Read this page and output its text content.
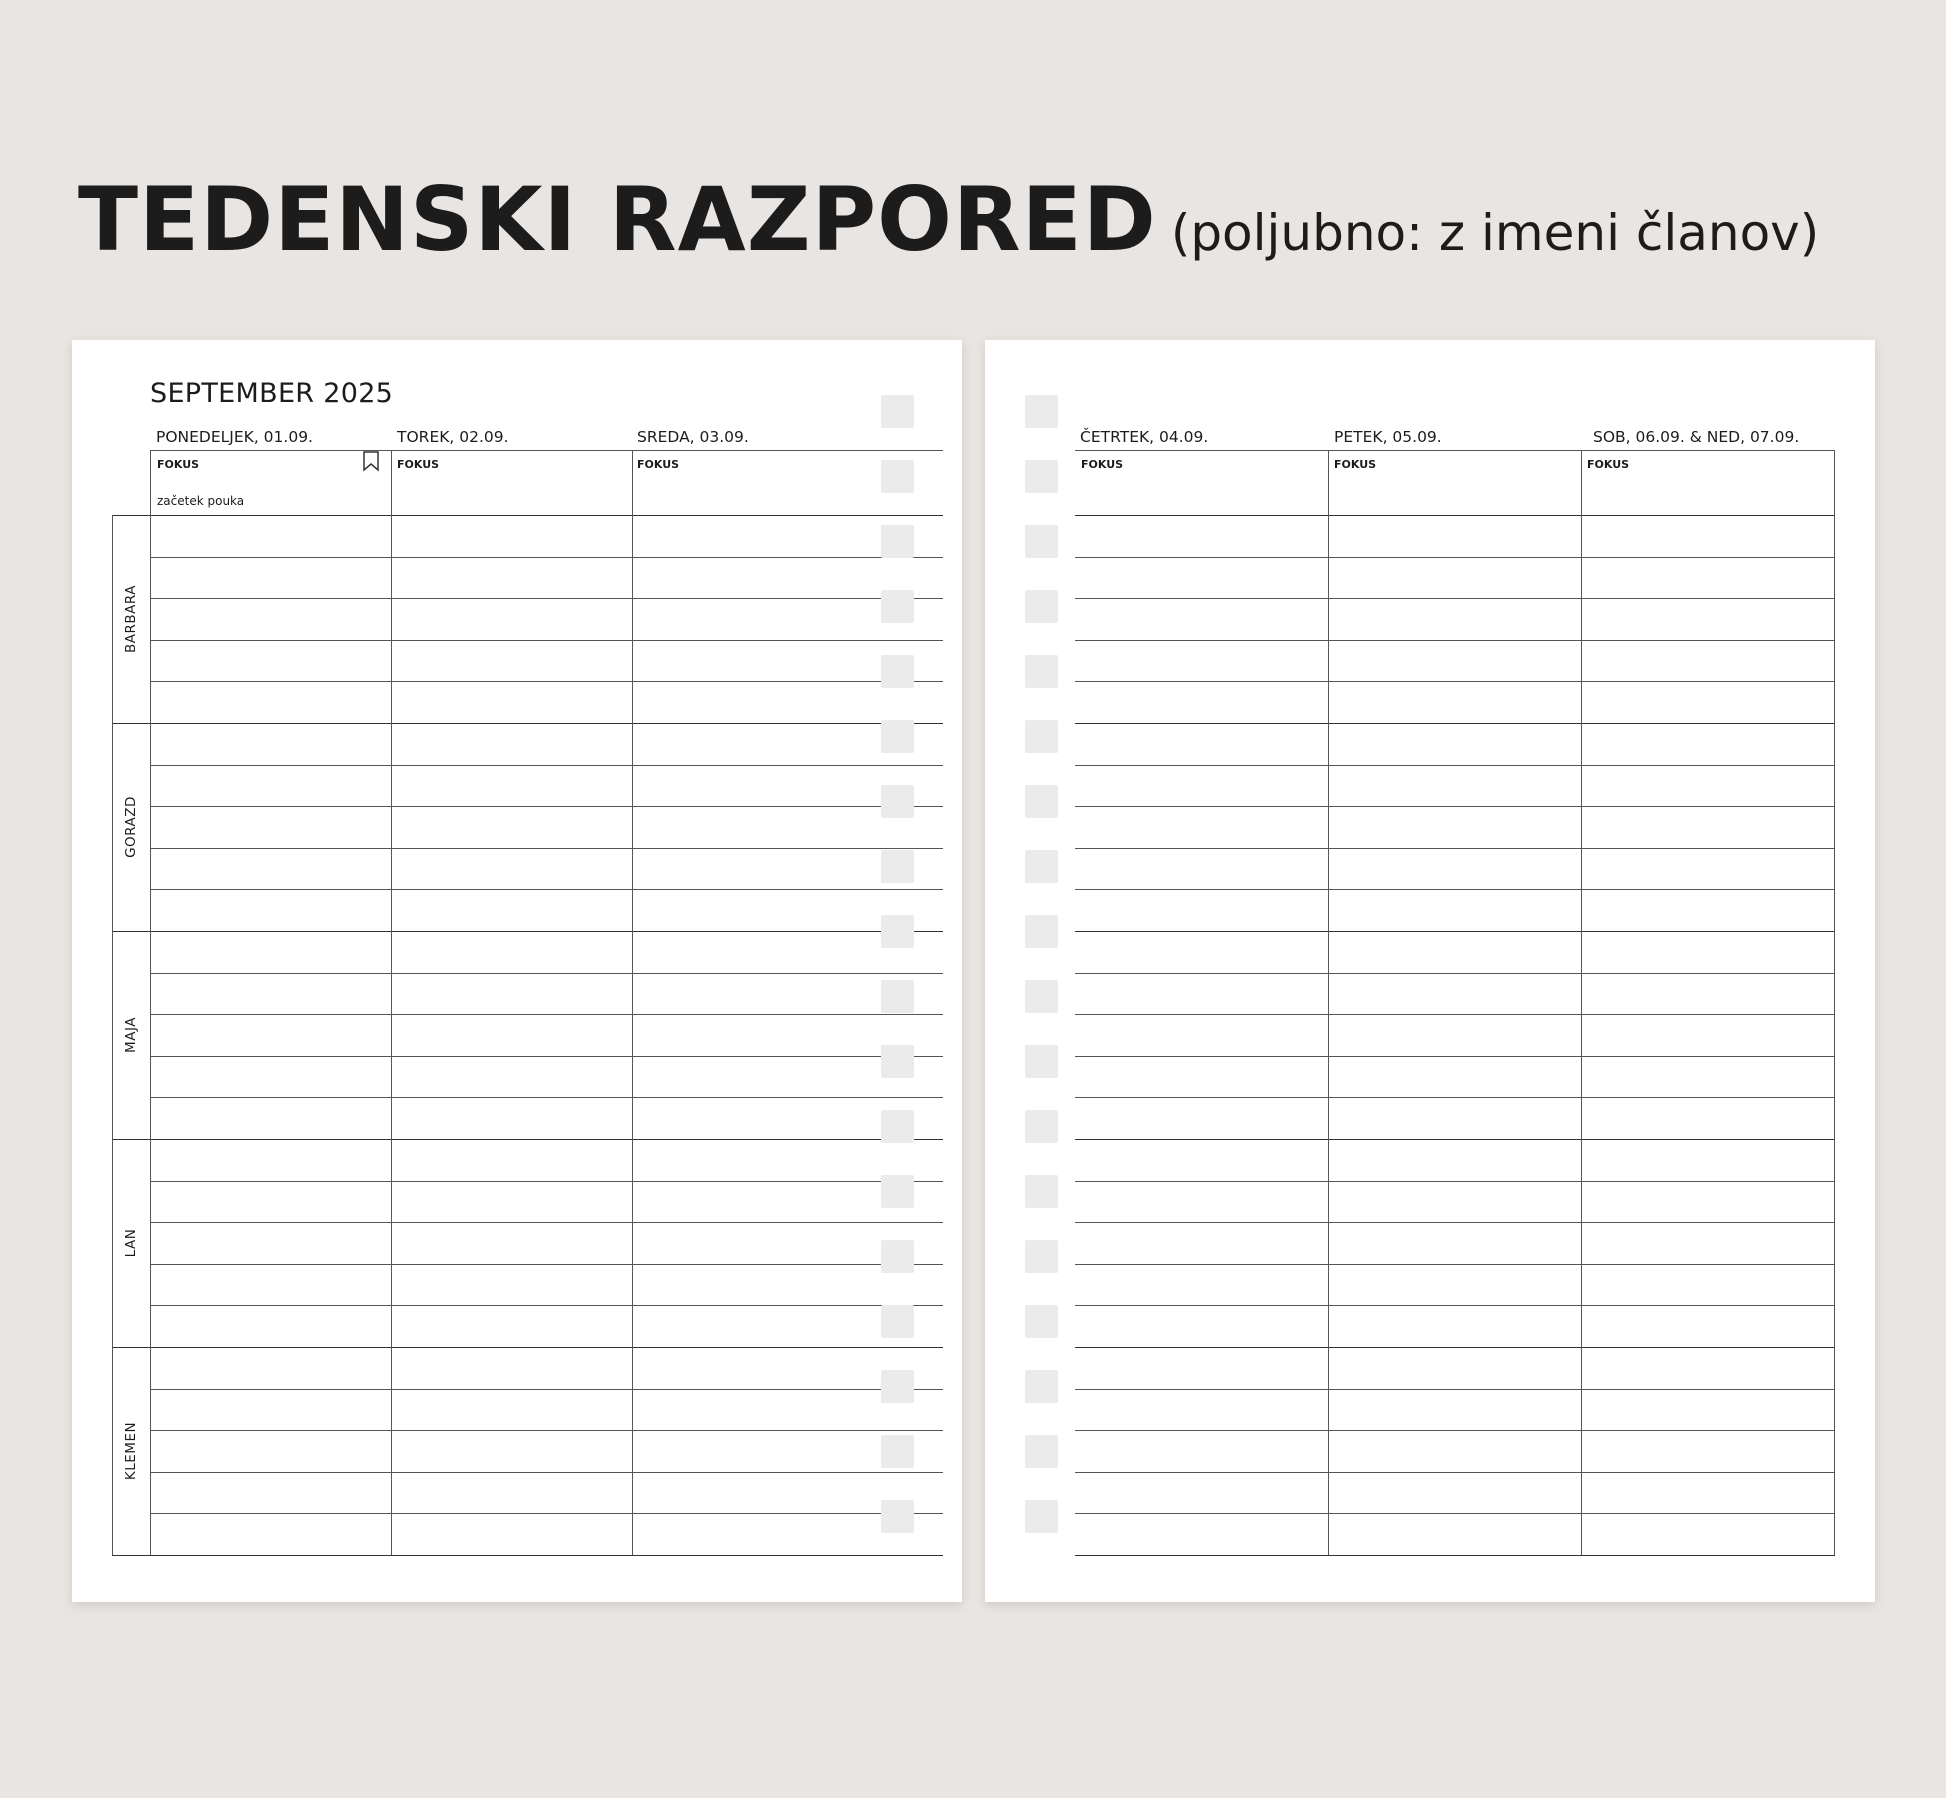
TEDENSKI RAZPORED (poljubno: z imeni članov)
SEPTEMBER 2025
PONEDELJEK, 01.09.	TOREK, 02.09.	SREDA, 03.09.
FOKUS	FOKUS	FOKUS
začetek pouka
BARBARA
GORAZD
MAJA
LAN
KLEMEN
ČETRTEK, 04.09.	PETEK, 05.09.	SOB, 06.09. & NED, 07.09.
FOKUS	FOKUS	FOKUS
